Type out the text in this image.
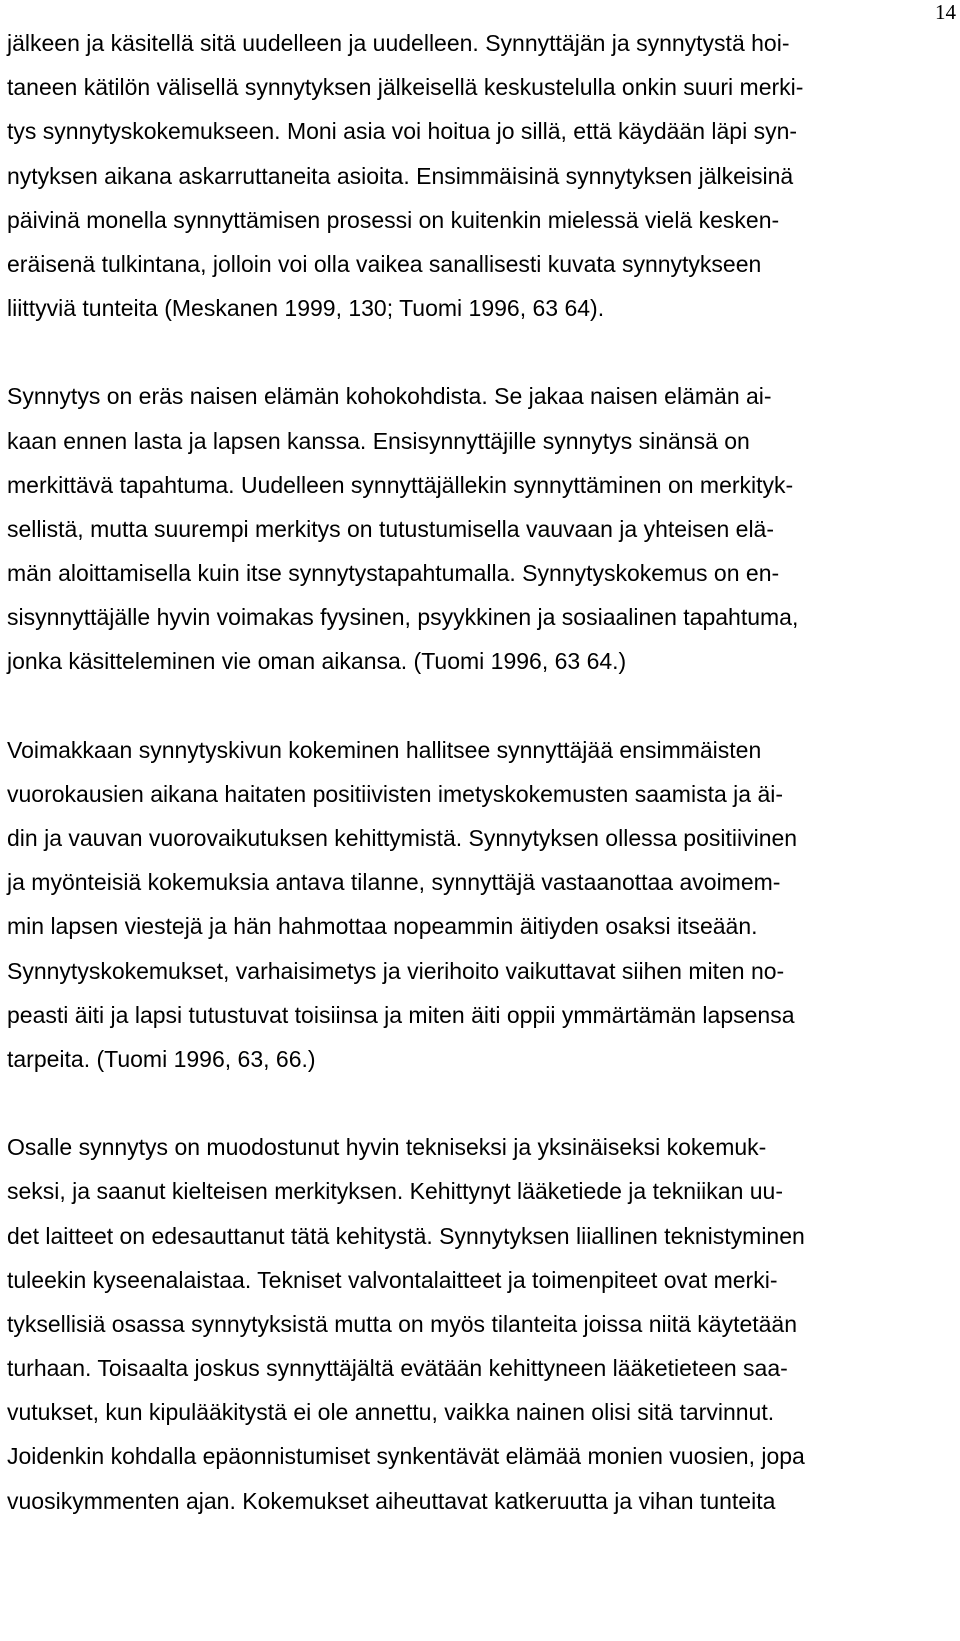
14

jälkeen ja käsitellä sitä uudelleen ja uudelleen. Synnyttäjän ja synnytystä hoi-
taneen kätilön välisellä synnytyksen jälkeisellä keskustelulla onkin suuri merki-
tys synnytyskokemukseen. Moni asia voi hoitua jo sillä, että käydään läpi syn-
nytyksen aikana askarruttaneita asioita. Ensimmäisinä synnytyksen jälkeisinä
päivinä monella synnyttämisen prosessi on kuitenkin mielessä vielä kesken-
eräisenä tulkintana, jolloin voi olla vaikea sanallisesti kuvata synnytykseen
liittyviä tunteita (Meskanen 1999, 130; Tuomi 1996, 63 64).

Synnytys on eräs naisen elämän kohokohdista. Se jakaa naisen elämän ai-
kaan ennen lasta ja lapsen kanssa. Ensisynnyttäjille synnytys sinänsä on
merkittävä tapahtuma. Uudelleen synnyttäjällekin synnyttäminen on merkityk-
sellistä, mutta suurempi merkitys on tutustumisella vauvaan ja yhteisen elä-
män aloittamisella kuin itse synnytystapahtumalla. Synnytyskokemus on en-
sisynnyttäjälle hyvin voimakas fyysinen, psyykkinen ja sosiaalinen tapahtuma,
jonka käsitteleminen vie oman aikansa. (Tuomi 1996, 63 64.)

Voimakkaan synnytyskivun kokeminen hallitsee synnyttäjää ensimmäisten
vuorokausien aikana haitaten positiivisten imetyskokemusten saamista ja äi-
din ja vauvan vuorovaikutuksen kehittymistä. Synnytyksen ollessa positiivinen
ja myönteisiä kokemuksia antava tilanne, synnyttäjä vastaanottaa avoimem-
min lapsen viestejä ja hän hahmottaa nopeammin äitiyden osaksi itseään.
Synnytyskokemukset, varhaisimetys ja vierihoito vaikuttavat siihen miten no-
peasti äiti ja lapsi tutustuvat toisiinsa ja miten äiti oppii ymmärtämän lapsensa
tarpeita. (Tuomi 1996, 63, 66.)

Osalle synnytys on muodostunut hyvin tekniseksi ja yksinäiseksi kokemuk-
seksi, ja saanut kielteisen merkityksen. Kehittynyt lääketiede ja tekniikan uu-
det laitteet on edesauttanut tätä kehitystä. Synnytyksen liiallinen teknistyminen
tuleekin kyseenalaistaa. Tekniset valvontalaitteet ja toimenpiteet ovat merki-
tyksellisiä osassa synnytyksistä mutta on myös tilanteita joissa niitä käytetään
turhaan. Toisaalta joskus synnyttäjältä evätään kehittyneen lääketieteen saa-
vutukset, kun kipulääkitystä ei ole annettu, vaikka nainen olisi sitä tarvinnut.
Joidenkin kohdalla epäonnistumiset synkentävät elämää monien vuosien, jopa
vuosikymmenten ajan. Kokemukset aiheuttavat katkeruutta ja vihan tunteita
